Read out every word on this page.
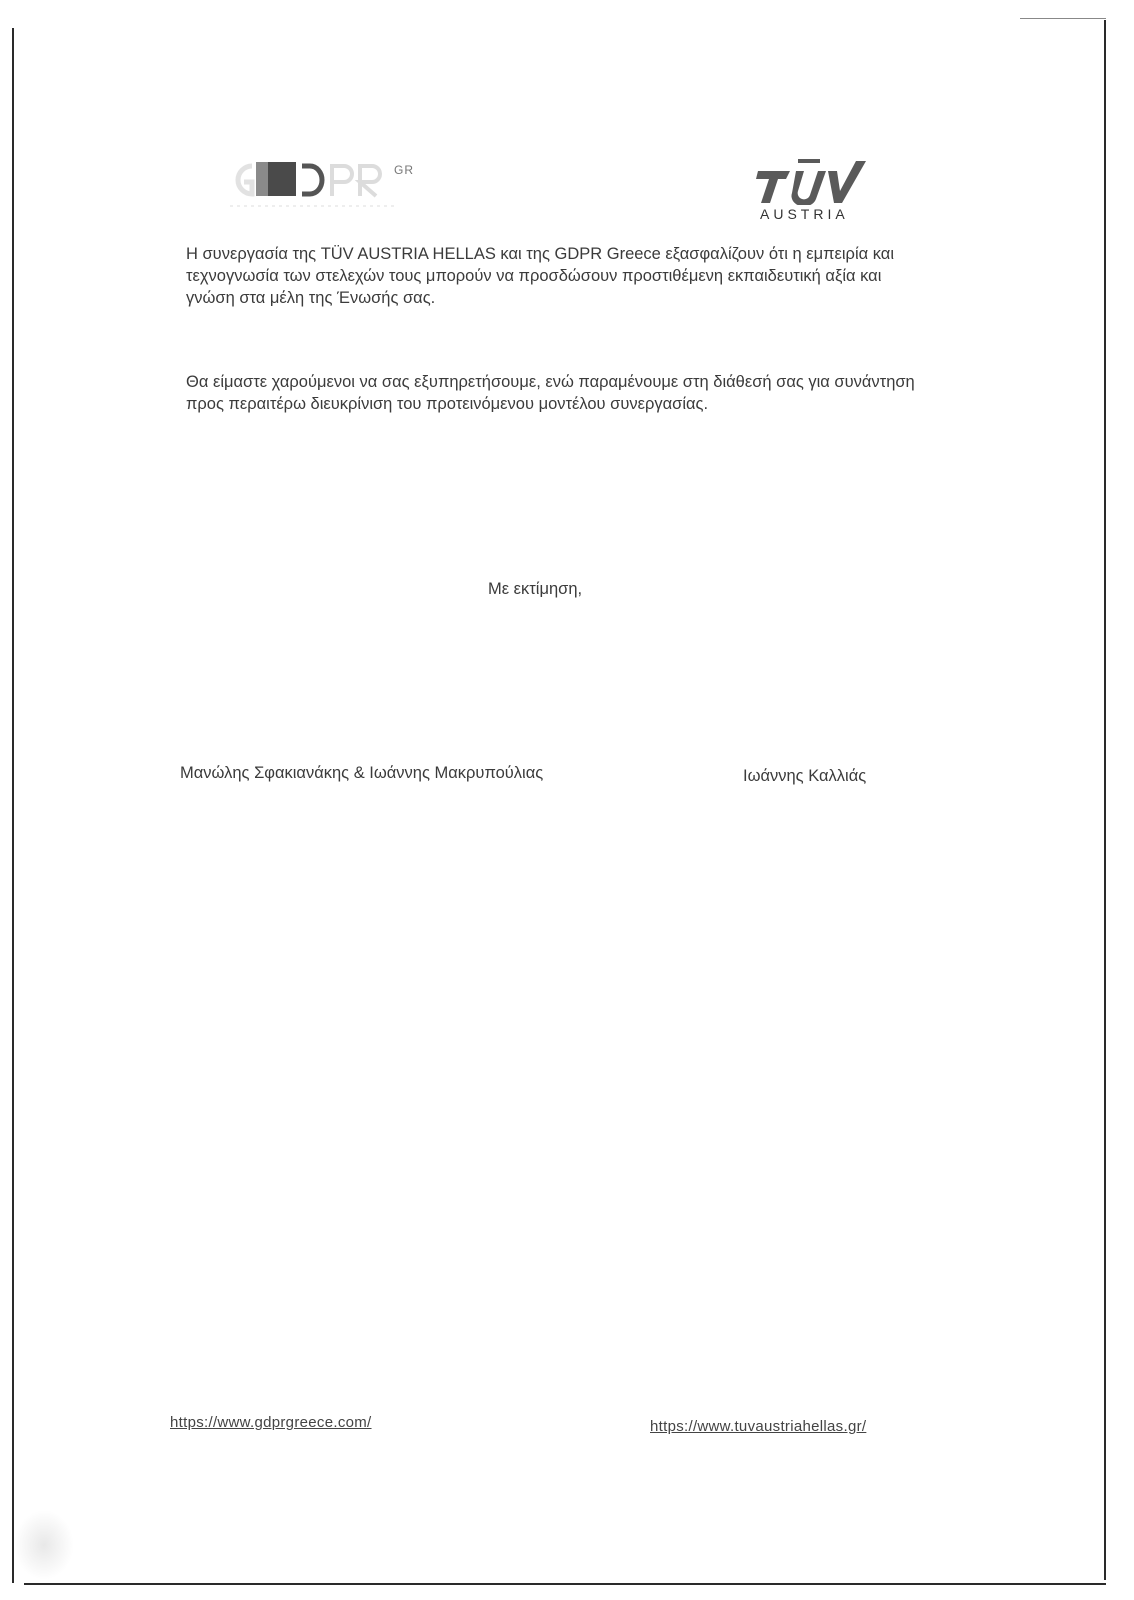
GR
AUSTRIA
Η συνεργασία της TÜV AUSTRIA HELLAS και της GDPR Greece εξασφαλίζουν ότι η εμπειρία και τεχνογνωσία των στελεχών τους μπορούν να προσδώσουν προστιθέμενη εκπαιδευτική αξία και γνώση στα μέλη της Ένωσής σας.
Θα είμαστε χαρούμενοι να σας εξυπηρετήσουμε, ενώ παραμένουμε στη διάθεσή σας για συνάντηση προς περαιτέρω διευκρίνιση του προτεινόμενου μοντέλου συνεργασίας.
Με εκτίμηση,
Μανώλης Σφακιανάκης & Ιωάννης Μακρυπούλιας	Ιωάννης Καλλιάς
https://www.gdprgreece.com/	https://www.tuvaustriahellas.gr/
